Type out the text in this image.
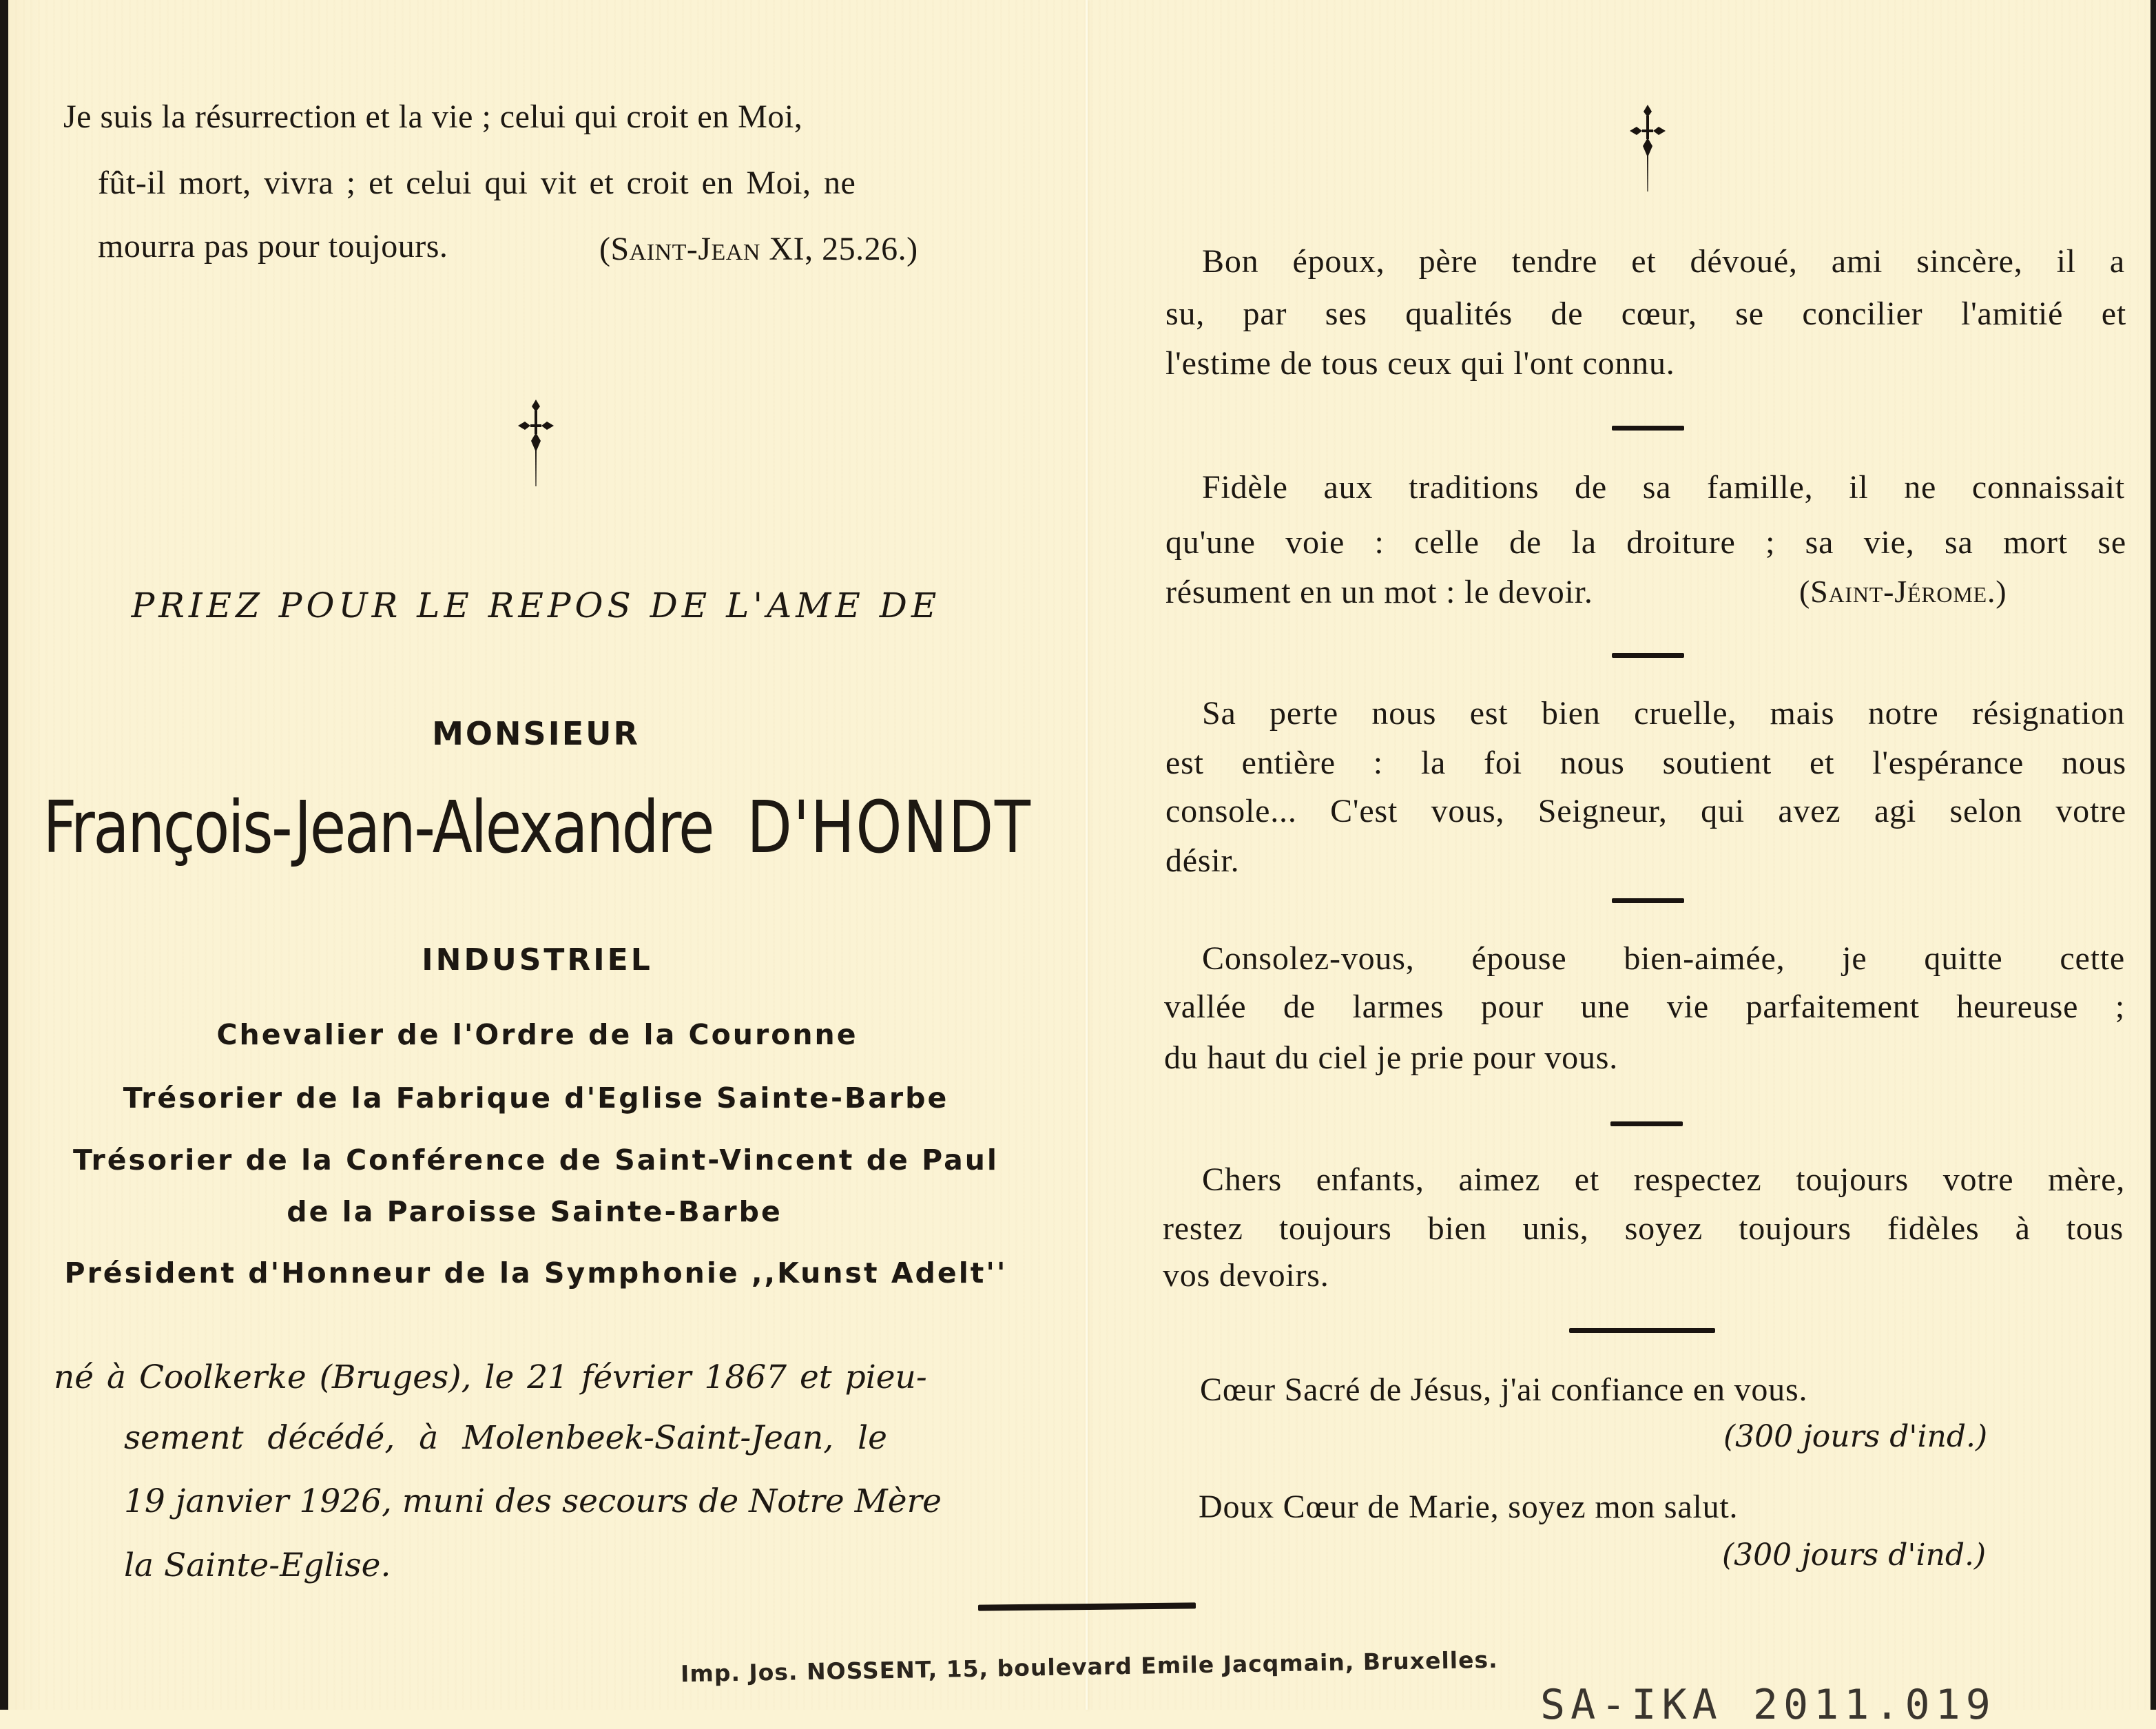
Je suis la résurrection et la vie ; celui qui croit en Moi,
fût-il mort, vivra ; et celui qui vit et croit en Moi, ne
mourra pas pour toujours.	(Saint-Jean XI, 25.26.)
PRIEZ POUR LE REPOS DE L'AME DE
MONSIEUR
François-Jean-Alexandre D'HONDT
INDUSTRIEL
Chevalier de l'Ordre de la Couronne
Trésorier de la Fabrique d'Eglise Sainte-Barbe
Trésorier de la Conférence de Saint-Vincent de Paul
de la Paroisse Sainte-Barbe
Président d'Honneur de la Symphonie ,,Kunst Adelt''
né à Coolkerke (Bruges), le 21 février 1867 et pieu-
sement décédé, à Molenbeek-Saint-Jean, le
19 janvier 1926, muni des secours de Notre Mère
la Sainte-Eglise.
Bon époux, père tendre et dévoué, ami sincère, il a
su, par ses qualités de cœur, se concilier l'amitié et
l'estime de tous ceux qui l'ont connu.
Fidèle aux traditions de sa famille, il ne connaissait
qu'une voie : celle de la droiture ; sa vie, sa mort se
résument en un mot : le devoir.	(Saint-Jérome.)
Sa perte nous est bien cruelle, mais notre résignation
est entière : la foi nous soutient et l'espérance nous
console... C'est vous, Seigneur, qui avez agi selon votre
désir.
Consolez-vous, épouse bien-aimée, je quitte cette
vallée de larmes pour une vie parfaitement heureuse ;
du haut du ciel je prie pour vous.
Chers enfants, aimez et respectez toujours votre mère,
restez toujours bien unis, soyez toujours fidèles à tous
vos devoirs.
Cœur Sacré de Jésus, j'ai confiance en vous.
(300 jours d'ind.)
Doux Cœur de Marie, soyez mon salut.
(300 jours d'ind.)
Imp. Jos. NOSSENT, 15, boulevard Emile Jacqmain, Bruxelles.
SA-IKA 2011.019
